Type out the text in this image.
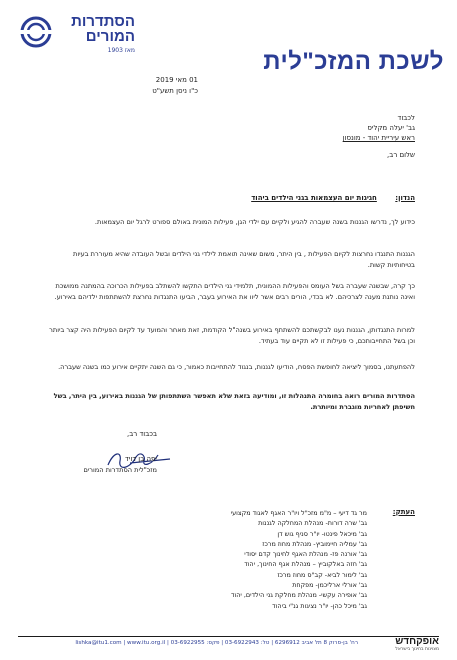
לשכת המזכ"לית
הסתדרות
המורים
מאז 1903
01 מאי 2019
כ"ו ניסן תשע"ט
לכבוד
גב' יעלה מקליס
ראש עיריית יהוד - מונסון
שלום רב,
הנדון: חגיגות יום העצמאות בגני הילדים ביהוד
כידוע לך, נדרשו הגננות בשנה שעברה להגיע ולקיים עם ילדי הגן, פעילות המונית באולם ספורט לרגל יום העצמאות.
הגננות התנגדו נחרצות לקיום הפעילות , בין היתר, משום שאינה תואמת לילדי גני הילדים ובשל העובדה שהיא מעוררת בעיות בטיחותיות קשות.
כך קרה, שבשנה שעברה בשל העומס והפעילות ההמונית, תלמידי גני הילדים התקשו להשתלב בפעילות הכרוכה בהמתנה ממושכת ואינה נותנת מענה לצרכיהם. לא בכדי, הורים רבים אשר ליוו את האירוע בעבר, הביעו התנגדות נחרצת להשתתפות ילדיהם באירוע.
למרות התנגדותן, הגננות נענו לבקשתכם להשתתף באירוע בשנה"ל הקודמת, זאת מאחר והמועד עד לקיום הפעילות היה קצר ביותר וכן בשל התחייבותכם, כי פעילות זו לא תקיים עוד בעתיד.
להפתעתנו, בסמוך ליציאה לחופשת הפסח, הודיעו לגננות, בנגוד להתחייבות כאמור, כי גם השנה יתקיים אירוע כמו בשנה שעברה.
הסתדרות המורים רואה בחומרה התנהלות זו, ומודיעה בזאת שלא תאפשר השתתפותן של הגננות באירוע, בין היתר, בשל חשיפתן לאחריות מוגברת ומיותרת.
בכבוד רב,
יפה בן דויד
מזכ"לית הסתדרות המורים
העתק:
מר גד דיעי – מ"מ מזכ"ל ויו"ר האגף לאגוד מקצועי
גב' שרה דורות- מנהלת המחלקה לגננות
גב' מיכאל פינטו- יו"ר סניף גוש דן
גב' עמליה חיימוביץ- מנהלת מחוז מרכז
גב' אורנה פז- מנהלת האגף לחינוך קדם יסודי
גב' חזה באלקוביץ – מנהלת אגף החינוך, יהוד
גב' לימור לביא- קב"ס מחוז מרכז
גב' אורלי ארליכמן- מפקחת
גב' אופירה עקשי- מנהלת מחלקת גני הילדים, יהוד
גב' מיכל כהן- יו"ר נציגות גנ"י ביהוד
רח' בן-סרוק 8 תל אביב 6296912 | טל: 03-6922943 | פקס: 03-6922955 | lishka@itu1.com | www.itu.org.il	אופקחדש
מצוינות בחינוך בישראל
